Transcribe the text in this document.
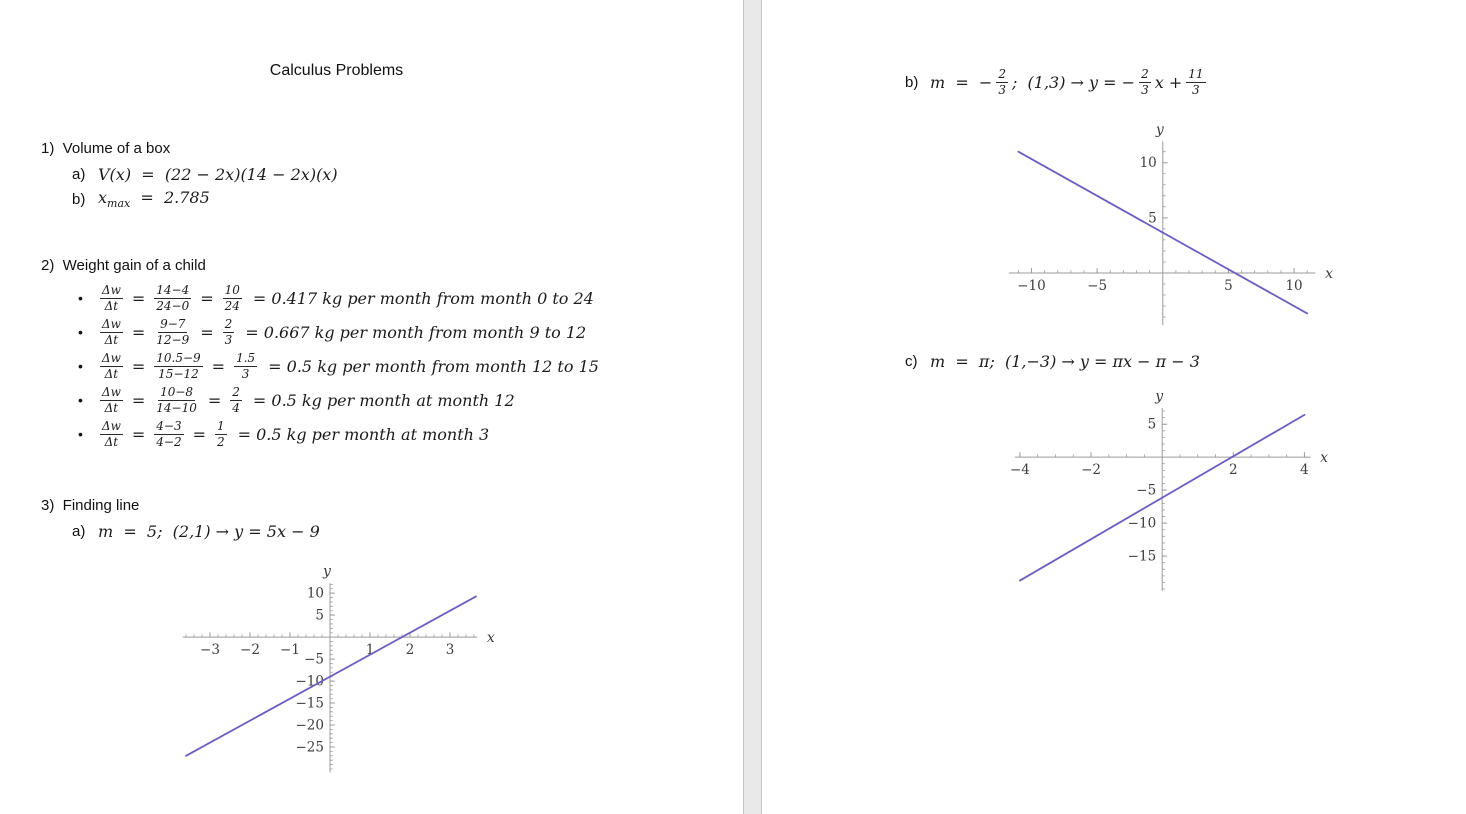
Calculus Problems
1)  Volume of a box
a) V(x)  =  (22 − 2x)(14 − 2x)(x)
b) $x_{max} = 2.785$
2)  Weight gain of a child
• $\frac{\Delta w}{\Delta t} = \frac{14-4}{24-0} = \frac{10}{24} = 0.417$ kg per month from month 0 to 24
• $\frac{\Delta w}{\Delta t} = \frac{9-7}{12-9} = \frac{2}{3} = 0.667$ kg per month from month 9 to 12
• $\frac{\Delta w}{\Delta t} = \frac{10.5-9}{15-12} = \frac{1.5}{3} = 0.5$ kg per month from month 12 to 15
• $\frac{\Delta w}{\Delta t} = \frac{10-8}{14-10} = \frac{2}{4} = 0.5$ kg per month at month 12
• $\frac{\Delta w}{\Delta t} = \frac{4-3}{4-2} = \frac{1}{2} = 0.5$ kg per month at month 3
3)  Finding line
a) m  =  5;  (2,1) → y = 5x − 9
−3 −2 −1	1 2 3
10
5
−5
−10
−15
−20
−25
x
y
b) m  =  − $\frac{2}{3}$ ;  (1,3) → y = − $\frac{2}{3}$ $x + \frac{11}{3}$
−10	−5	5	10
10
5
x
y
c) m  =  π;  (1,−3) → y = πx − π − 3
−4	−2	2	4
5
−5
−10
−15
x
y
